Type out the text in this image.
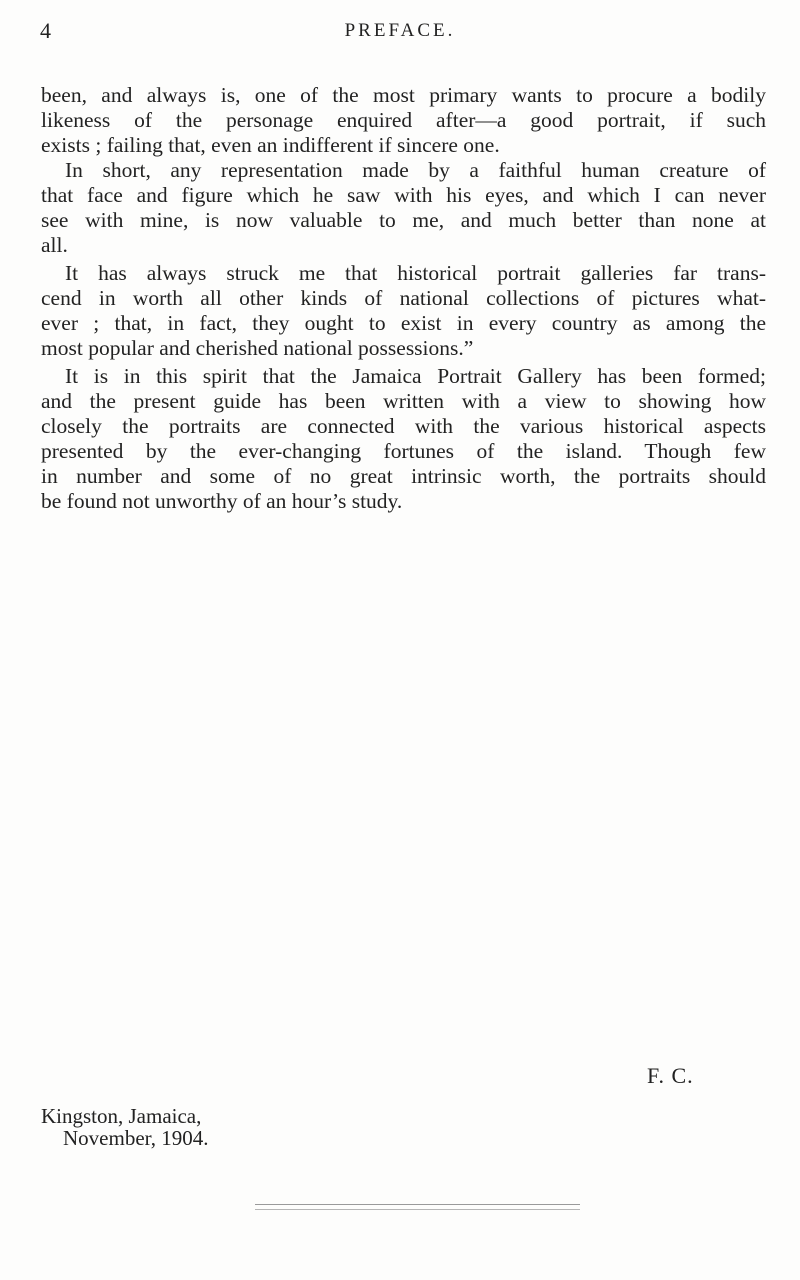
4	PREFACE.
been, and always is, one of the most primary wants to procure a bodily
likeness of the personage enquired after—a good portrait, if such
exists ; failing that, even an indifferent if sincere one.
In short, any representation made by a faithful human creature of
that face and figure which he saw with his eyes, and which I can never
see with mine, is now valuable to me, and much better than none at
all.
It has always struck me that historical portrait galleries far trans-
cend in worth all other kinds of national collections of pictures what-
ever ; that, in fact, they ought to exist in every country as among the
most popular and cherished national possessions.”
It is in this spirit that the Jamaica Portrait Gallery has been formed;
and the present guide has been written with a view to showing how
closely the portraits are connected with the various historical aspects
presented by the ever-changing fortunes of the island. Though few
in number and some of no great intrinsic worth, the portraits should
be found not unworthy of an hour’s study.
F. C.
Kingston, Jamaica,
November, 1904.
